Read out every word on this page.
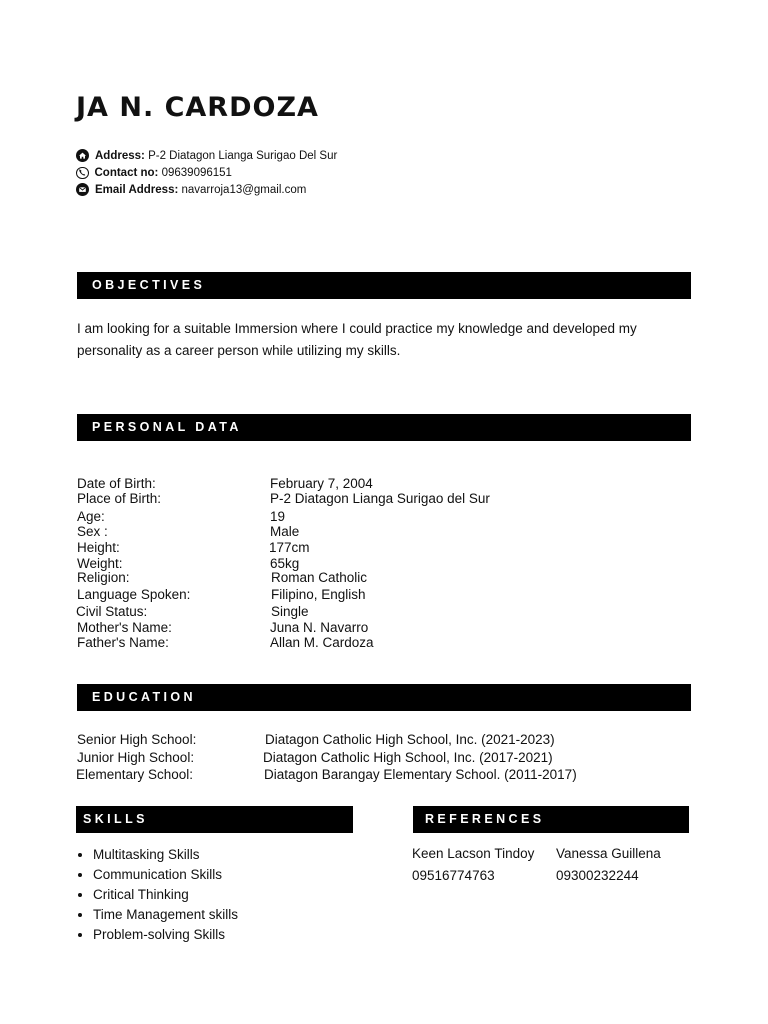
JA N. CARDOZA
Address: P-2 Diatagon Lianga Surigao Del Sur
Contact no: 09639096151
Email Address: navarroja13@gmail.com
OBJECTIVES
I am looking for a suitable Immersion where I could practice my knowledge and developed my personality as a career person while utilizing my skills.
PERSONAL DATA
Date of Birth:	February 7, 2004
Place of Birth:	P-2 Diatagon Lianga Surigao del Sur
Age:	19
Sex :	Male
Height:	177cm
Weight:	65kg
Religion:	Roman Catholic
Language Spoken:	Filipino, English
Civil Status:	Single
Mother's Name:	Juna N. Navarro
Father's Name:	Allan M. Cardoza
EDUCATION
Senior High School:	Diatagon Catholic High School, Inc. (2021-2023)
Junior High School:	Diatagon Catholic High School, Inc. (2017-2021)
Elementary School:	Diatagon Barangay Elementary School. (2011-2017)
SKILLS	REFERENCES
• Multitasking Skills
• Communication Skills
• Critical Thinking
• Time Management skills
• Problem-solving Skills
Keen Lacson Tindoy
09516774763
Vanessa Guillena
09300232244
